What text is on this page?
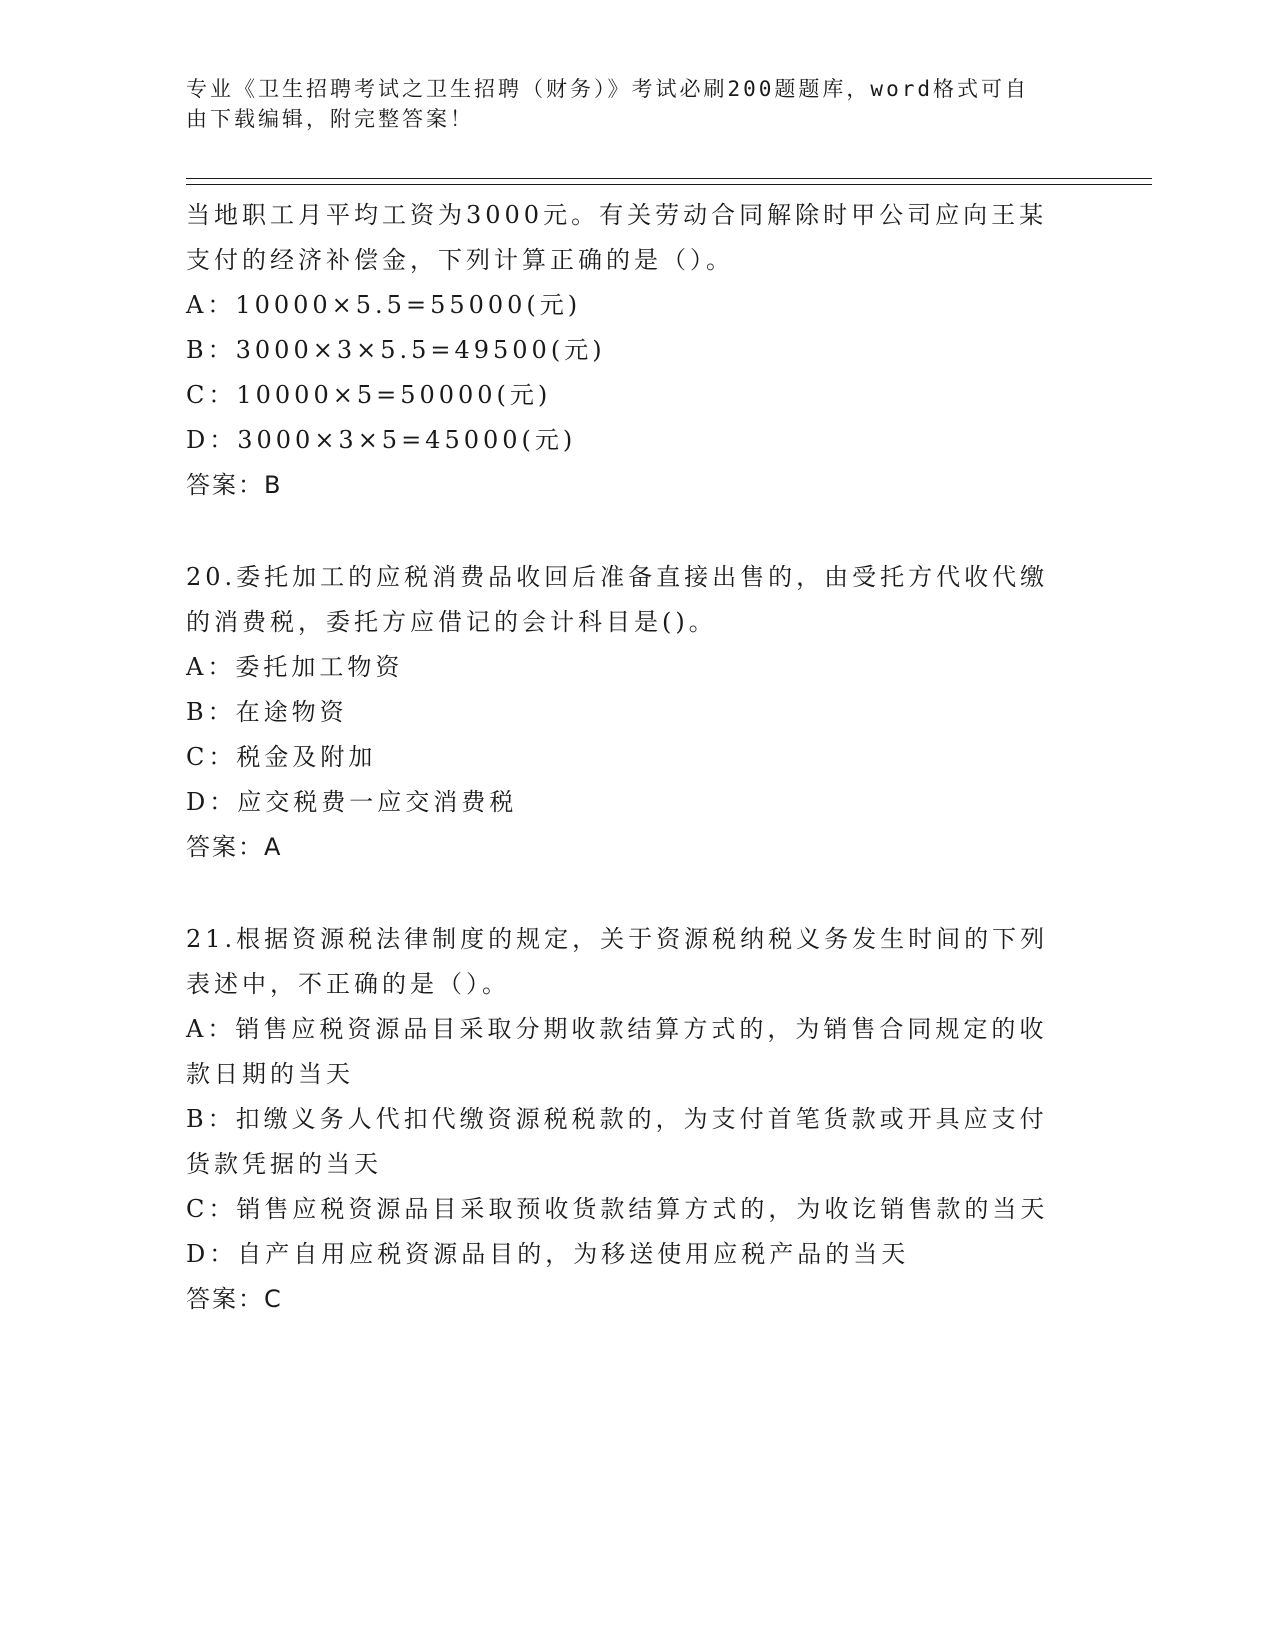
专业《卫生招聘考试之卫生招聘（财务）》考试必刷200题题库，word格式可自
由下载编辑，附完整答案！
当地职工月平均工资为3000元。有关劳动合同解除时甲公司应向王某
支付的经济补偿金，下列计算正确的是（）。
A：10000×5.5=55000(元)
B：3000×3×5.5=49500(元)
C：10000×5=50000(元)
D：3000×3×5=45000(元)
答案：B
20.委托加工的应税消费品收回后准备直接出售的，由受托方代收代缴
的消费税，委托方应借记的会计科目是()。
A：委托加工物资
B：在途物资
C：税金及附加
D：应交税费一应交消费税
答案：A
21.根据资源税法律制度的规定，关于资源税纳税义务发生时间的下列
表述中，不正确的是（）。
A：销售应税资源品目采取分期收款结算方式的，为销售合同规定的收
款日期的当天
B：扣缴义务人代扣代缴资源税税款的，为支付首笔货款或开具应支付
货款凭据的当天
C：销售应税资源品目采取预收货款结算方式的，为收讫销售款的当天
D：自产自用应税资源品目的，为移送使用应税产品的当天
答案：C
